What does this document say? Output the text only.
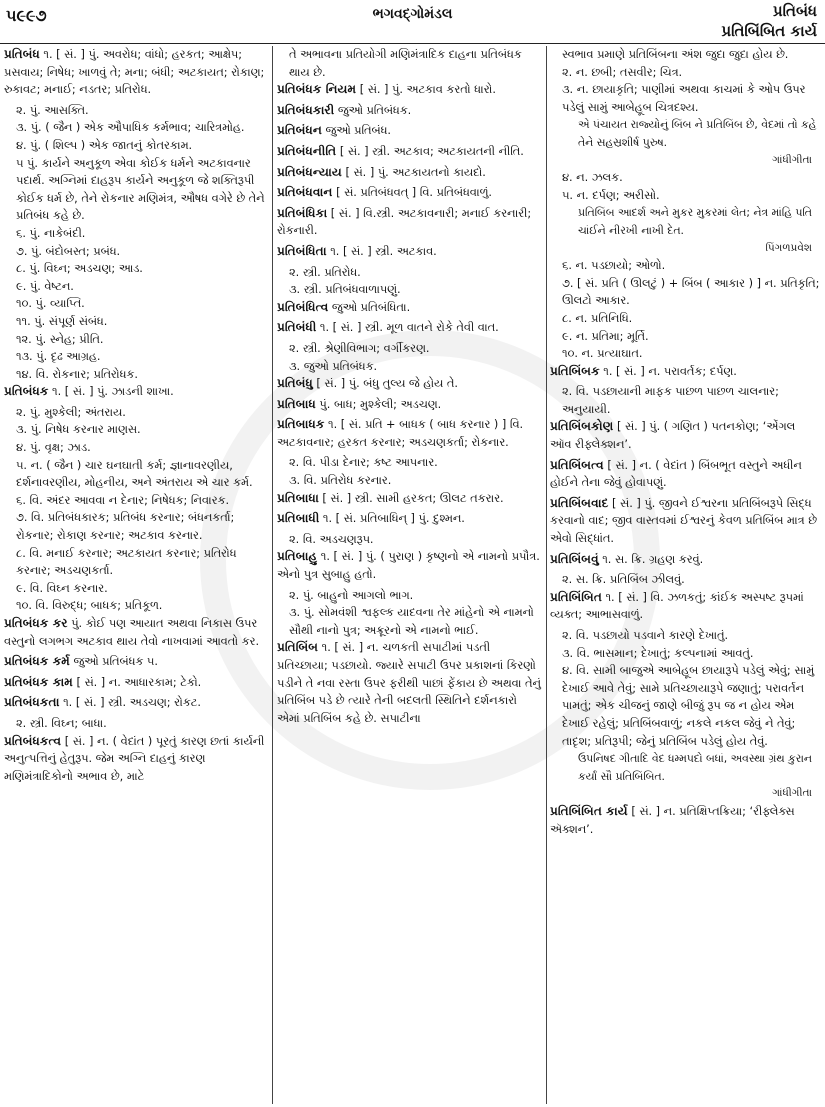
૫૯૯૭	ભગવદ્ગોમંડલ	પ્રતિબંધ
પ્રતિબિંબિત કાર્ય
પ્રતિબંધ ૧. [ સં. ] પું. અવરોધ; વાંધો; હરકત; આક્ષેપ; પ્રસવાય; નિષેધ; ખાળવું તે; મના; બંધી; અટકાયત; રોકાણ; રુકાવટ; મનાઈ; નડતર; પ્રતિરોધ.
૨. પું. આસક્તિ.
૩. પું. ( જૈન ) એક ઔપાધિક કર્મભાવ; ચારિત્રમોહ.
૪. પું. ( શિલ્પ ) એક જાતનું કોતરકામ.
૫ પું. કાર્યને અનુકૂળ એવા કોઈક ધર્મને અટકાવનાર પદાર્થ. અગ્નિમાં દાહરૂપ કાર્યને અનુકૂળ જે શક્તિરૂપી કોઈક ધર્મ છે, તેને રોકનાર મણિમંત્ર, ઔષધ વગેરે છે તેને પ્રતિબંધ કહે છે.
૬. પું. નાકેબંદી.
૭. પું. બંદોબસ્ત; પ્રબંધ.
૮. પું. વિઘ્ન; અડચણ; આડ.
૯. પું. વેષ્ટન.
૧૦. પું. વ્યાપ્તિ.
૧૧. પું. સંપૂર્ણ સંબંધ.
૧૨. પું. સ્નેહ; પ્રીતિ.
૧૩. પું. દૃઢ આગ્રહ.
૧૪. વિ. રોકનાર; પ્રતિરોધક.
પ્રતિબંધક ૧. [ સં. ] પું. ઝાડની શાખા.
૨. પું. મુશ્કેલી; અંતરાય.
૩. પું. નિષેધ કરનાર માણસ.
૪. પું. વૃક્ષ; ઝાડ.
૫. ન. ( જૈન ) ચાર ઘનઘાતી કર્મ; જ્ઞાનાવરણીય, દર્શનાવરણીય, મોહનીય, અને અંતરાય એ ચાર કર્મ.
૬. વિ. અંદર આવવા ન દેનાર; નિષેધક; નિવારક.
૭. વિ. પ્રતિબંધકારક; પ્રતિબંધ કરનાર; બંધનકર્તા; રોકનાર; રોકાણ કરનાર; અટકાવ કરનાર.
૮. વિ. મનાઈ કરનાર; અટકાયત કરનાર; પ્રતિરોધ કરનાર; અડચણકર્તા.
૯. વિ. વિઘ્ન કરનાર.
૧૦. વિ. વિરુદ્ધ; બાધક; પ્રતિકૂળ.
પ્રતિબંધક કર પું. કોઈ પણ આયાત અથવા નિકાસ ઉપર વસ્તુનો લગભગ અટકાવ થાય તેવો નાખવામાં આવતો કર.
પ્રતિબંધક કર્મ જુઓ પ્રતિબંધક ૫.
પ્રતિબંધક કામ [ સં. ] ન. આધારકામ; ટેકો.
પ્રતિબંધકતા ૧. [ સં. ] સ્ત્રી. અડચણ; રોકટ.
૨. સ્ત્રી. વિઘ્ન; બાધા.
પ્રતિબંધકત્વ [ સં. ] ન. ( વેદાંત ) પૂરતું કારણ છતાં કાર્યની અનુત્પત્તિનું હેતુરૂપ. જેમ અગ્નિ દાહનું કારણ મણિમંત્રાદિકોનો અભાવ છે, માટે
તે અભાવના પ્રતિયોગી મણિમંત્રાદિક દાહના પ્રતિબંધક થાય છે.
પ્રતિબંધક નિયમ [ સં. ] પું. અટકાવ કરતો ધારો.
પ્રતિબંધકારી જુઓ પ્રતિબંધક.
પ્રતિબંધન જુઓ પ્રતિબંધ.
પ્રતિબંધનીતિ [ સં. ] સ્ત્રી. અટકાવ; અટકાયતની નીતિ.
પ્રતિબંધન્યાય [ સં. ] પું. અટકાયતનો કાયદો.
પ્રતિબંધવાન [ સં. પ્રતિબંધવત્ ] વિ. પ્રતિબંધવાળું.
પ્રતિબંધિકા [ સં. ] વિ.સ્ત્રી. અટકાવનારી; મનાઈ કરનારી; રોકનારી.
પ્રતિબંધિતા ૧. [ સં. ] સ્ત્રી. અટકાવ.
૨. સ્ત્રી. પ્રતિરોધ.
૩. સ્ત્રી. પ્રતિબંધવાળાપણું.
પ્રતિબંધિત્વ જુઓ પ્રતિબંધિતા.
પ્રતિબંધી ૧. [ સં. ] સ્ત્રી. મૂળ વાતને રોકે તેવી વાત.
૨. સ્ત્રી. શ્રેણીવિભાગ; વર્ગીકરણ.
૩. જુઓ પ્રતિબંધક.
પ્રતિબંધુ [ સં. ] પું. બંધુ તુલ્ય જે હોય તે.
પ્રતિબાધ પું. બાધ; મુશ્કેલી; અડચણ.
પ્રતિબાધક ૧. [ સં. પ્રતિ + બાધક ( બાધ કરનાર ) ] વિ. અટકાવનાર; હરકત કરનાર; અડચણકર્તા; રોકનાર.
૨. વિ. પીડા દેનાર; કષ્ટ આપનાર.
૩. વિ. પ્રતિરોધ કરનાર.
પ્રતિબાધા [ સં. ] સ્ત્રી. સામી હરકત; ઊલટ તકરાર.
પ્રતિબાધી ૧. [ સં. પ્રતિબાધિન્ ] પું. દુશ્મન.
૨. વિ. અડચણરૂપ.
પ્રતિબાહુ ૧. [ સં. ] પું. ( પુરાણ ) કૃષ્ણનો એ નામનો પ્રપૌત્ર. એનો પુત્ર સુબાહુ હતો.
૨. પું. બાહુનો આગલો ભાગ.
૩. પું. સોમવંશી શ્વફલ્ક યાદવના તેર માંહેનો એ નામનો સૌથી નાનો પુત્ર; અક્રૂરનો એ નામનો ભાઈ.
પ્રતિબિંબ ૧. [ સં. ] ન. ચળકતી સપાટીમાં પડતી પ્રતિચ્છાયા; પડછાયો. જ્યારે સપાટી ઉપર પ્રકાશનાં કિરણો પડીને તે નવા રસ્તા ઉપર ફરીથી પાછાં ફેંકાય છે અથવા તેનું પ્રતિબિંબ પડે છે ત્યારે તેની બદલતી સ્થિતિને દર્શનકારો એમાં પ્રતિબિંબ કહે છે. સપાટીના
સ્વભાવ પ્રમાણે પ્રતિબિંબના અંશ જુદા જુદા હોય છે.
૨. ન. છબી; તસવીર; ચિત્ર.
૩. ન. છાયાકૃતિ; પાણીમાં અથવા કાચમાં કે ઓપ ઉપર પડેલું સામું આબેહૂબ ચિત્રદશ્ય.
એ પંચાયત રાજ્યોનું બિંબ ને પ્રતિબિંબ છે, વેદમાં તો કહે તેને સહસ્રશીર્ષ પુરુષ.
ગાંધીગીતા
૪. ન. ઝલક.
૫. ન. દર્પણ; અરીસો.
પ્રતિબિંબ આદર્શ અને મુકર મુકરમાં લેત; નેત્ર માંહિ પતિ ચાંઈને નીરખી નાખી દેત.
પિંગળપ્રવેશ
૬. ન. પડછાયો; ઓળો.
૭. [ સં. પ્રતિ ( ઊલટું ) + બિંબ ( આકાર ) ] ન. પ્રતિકૃતિ; ઊલટો આકાર.
૮. ન. પ્રતિનિધિ.
૯. ન. પ્રતિમા; મૂર્તિ.
૧૦. ન. પ્રત્યાઘાત.
પ્રતિબિંબક ૧. [ સં. ] ન. પરાવર્તક; દર્પણ.
૨. વિ. પડછાયાની માફક પાછળ પાછળ ચાલનાર; અનુયાયી.
પ્રતિબિંબકોણ [ સં. ] પું. ( ગણિત ) પતનકોણ; ‘એંગલ ઑવ રીફ્લેક્શન’.
પ્રતિબિંબત્વ [ સં. ] ન. ( વેદાંત ) બિંબભૂત વસ્તુને અધીન હોઈને તેના જેવું હોવાપણું.
પ્રતિબિંબવાદ [ સં. ] પું. જીવને ઈશ્વરના પ્રતિબિંબરૂપે સિદ્ધ કરવાનો વાદ; જીવ વાસ્તવમાં ઈશ્વરનું કેવળ પ્રતિબિંબ માત્ર છે એવો સિદ્ધાંત.
પ્રતિબિંબવું ૧. સ. ક્રિ. ગ્રહણ કરવું.
૨. સ. ક્રિ. પ્રતિબિંબ ઝીલવું.
પ્રતિબિંબિત ૧. [ સં. ] વિ. ઝળકતું; કાંઈક અસ્પષ્ટ રૂપમાં વ્યક્ત; આભાસવાળું.
૨. વિ. પડછાયો પડવાને કારણે દેખાતું.
૩. વિ. ભાસમાન; દેખાતું; કલ્પનામાં આવતું.
૪. વિ. સામી બાજુએ આબેહૂબ છાયારૂપે પડેલું એવું; સામું દેખાઈ આવે તેવું; સામે પ્રતિચ્છાયારૂપે જણાતું; પરાવર્તન પામતું; એક ચીજનું જાણે બીજું રૂપ જ ન હોય એમ દેખાઈ રહેલું; પ્રતિબિંબવાળું; નકલે નકલ જેવું ને તેવું; તાદૃશ; પ્રતિરૂપી; જેનું પ્રતિબિંબ પડેલું હોય તેવું.
ઉપનિષદ ગીતાદિ વેદ ધમ્મપદો બધાં, અવસ્થા ગ્રંથ કુરાન કર્યાં સૌ પ્રતિબિંબિત.
ગાંધીગીતા
પ્રતિબિંબિત કાર્ય [ સં. ] ન. પ્રતિક્ષિપ્તક્રિયા; ‘રીફ્લેક્સ ઍક્શન’.
